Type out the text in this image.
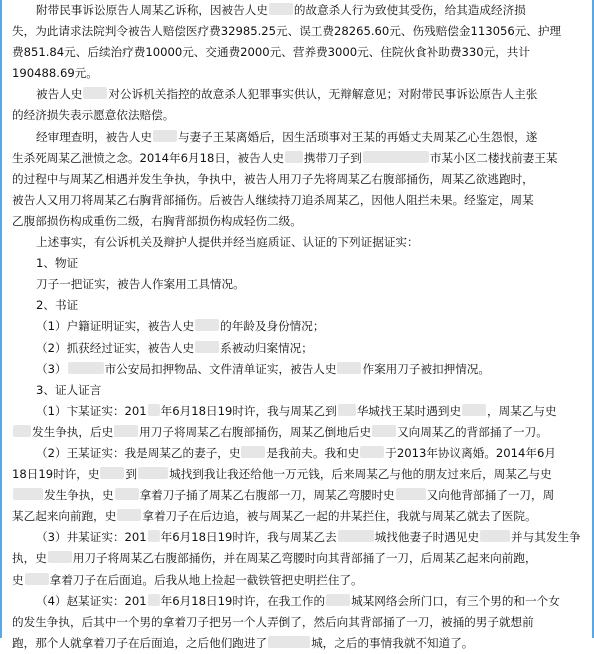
附带民事诉讼原告人周某乙诉称，因被告人史 的故意杀人行为致使其受伤，给其造成经济损
失，为此请求法院判令被告人赔偿医疗费32985.25元、误工费28265.60元、伤残赔偿金113056元、护理
费851.84元、后续治疗费10000元、交通费2000元、营养费3000元、住院伙食补助费330元，共计
190488.69元。
被告人史 对公诉机关指控的故意杀人犯罪事实供认，无辩解意见；对附带民事诉讼原告人主张
的经济损失表示愿意依法赔偿。
经审理查明，被告人史 与妻子王某离婚后，因生活琐事对王某的再婚丈夫周某乙心生怨恨，遂
生杀死周某乙泄愤之念。2014年6月18日，被告人史 携带刀子到	市某小区二楼找前妻王某
的过程中与周某乙相遇并发生争执，争执中，被告人用刀子先将周某乙右腹部捅伤，周某乙欲逃跑时，
被告人又用刀将周某乙右胸背部捅伤。后被告人继续持刀追杀周某乙，因他人阻拦未果。经鉴定，周某
乙腹部损伤构成重伤二级，右胸背部损伤构成轻伤二级。
上述事实，有公诉机关及辩护人提供并经当庭质证、认证的下列证据证实：
1、物证
刀子一把证实，被告人作案用工具情况。
2、书证
（1）户籍证明证实，被告人史 的年龄及身份情况；
（2）抓获经过证实，被告人史 系被动归案情况；
（3）	市公安局扣押物品、文件清单证实，被告人史 作案用刀子被扣押情况。
3、证人证言
（1）卞某证实：201 年6月18日19时许，我与周某乙到 华城找王某时遇到史 ，周某乙与史
发生争执，后史 用刀子将周某乙右腹部捅伤，周某乙倒地后史 又向周某乙的背部捅了一刀。
（2）王某证实：我是周某乙的妻子，史 是我前夫。我和史 于2013年协议离婚。2014年6月
18日19时许，史 到	城找到我让我还给他一万元钱，后来周某乙与他的朋友过来后，周某乙与史
发生争执，史 拿着刀子捅了周某乙右腹部一刀，周某乙弯腰时史	又向他背部捅了一刀，周
某乙起来向前跑，史 拿着刀子在后边追，被与周某乙一起的井某拦住，我就与周某乙就去了医院。
（3）井某证实：201 年6月18日19时许，我与周某乙去	城找他妻子时遇见史	并与其发生争
执，史 用刀子将周某乙右腹部捅伤，并在周某乙弯腰时向其背部捅了一刀，后周某乙起来向前跑，
史 拿着刀子在后面追。后我从地上捡起一截铁管把史明拦住了。
（4）赵某证实：201 年6月18日19时许，在我工作的 城某网络会所门口，有三个男的和一个女
的发生争执，后其中一个男的拿着刀子把另一个人弄倒了，然后向其背部捅了一刀，被捅的男子就想前
跑，那个人就拿着刀子在后面追，之后他们跑进了	城，之后的事情我就不知道了。
